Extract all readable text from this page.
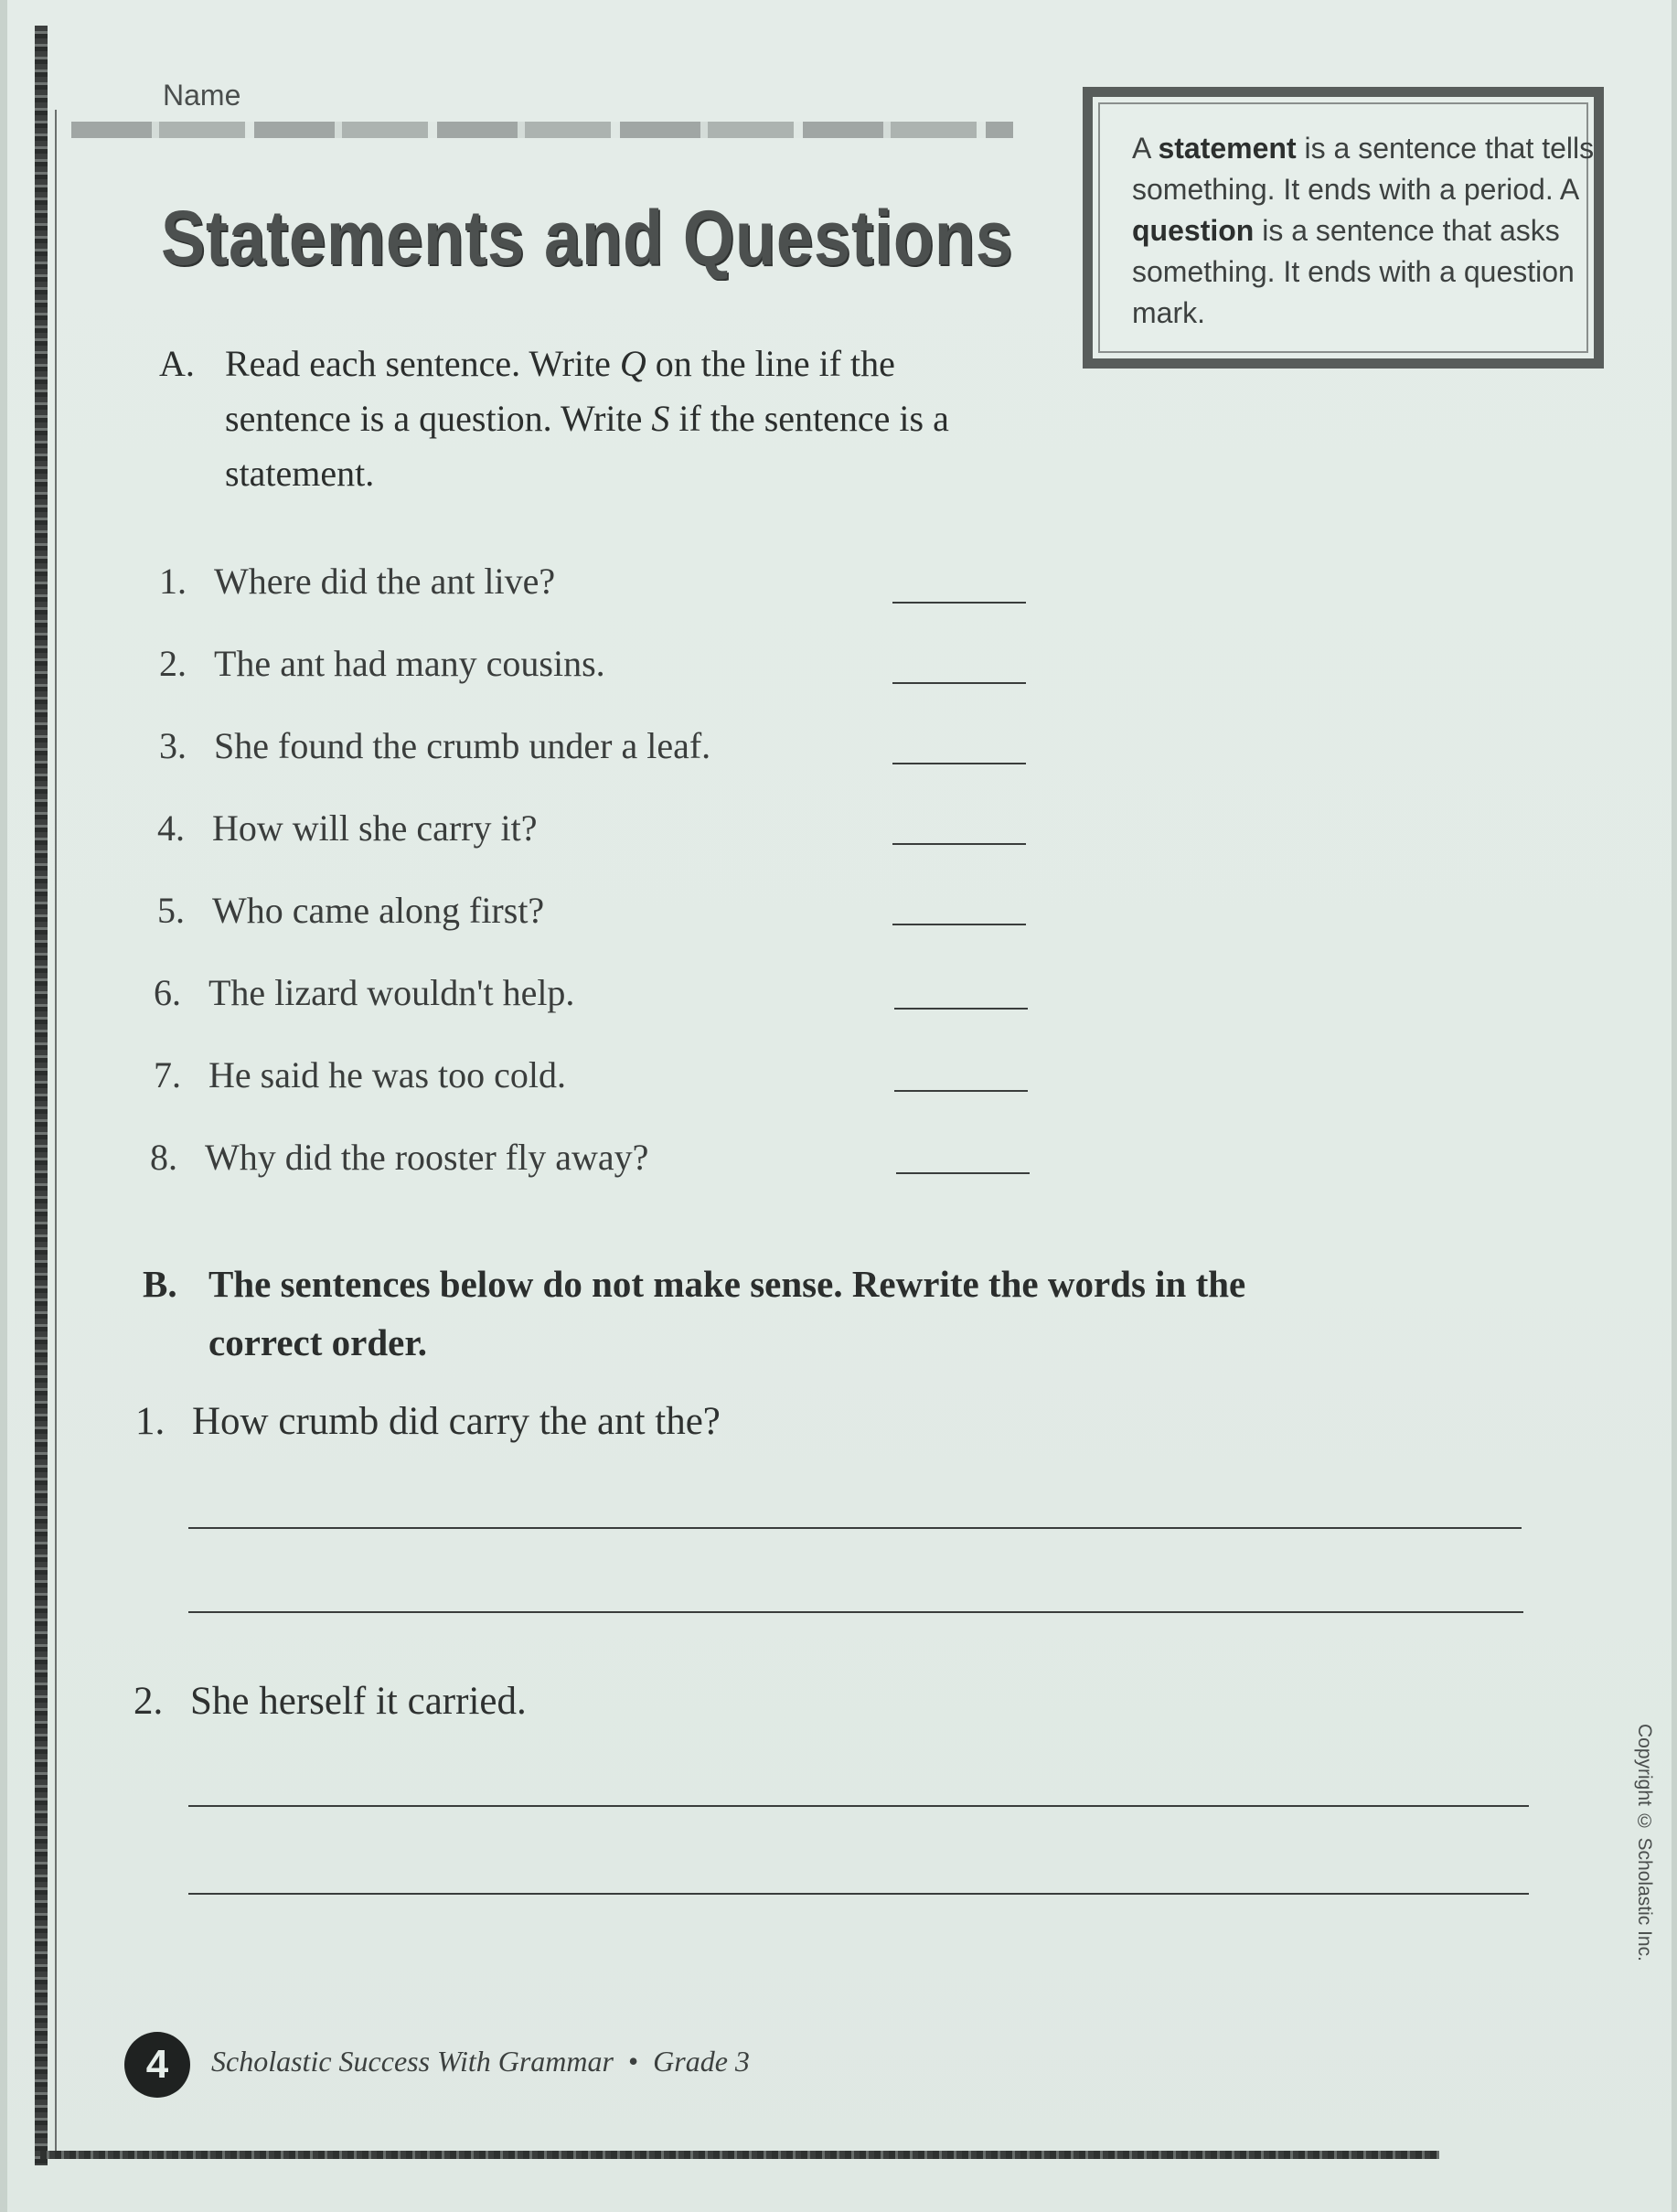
Name
Statements and Questions
A statement is a sentence that tells something. It ends with a period. A question is a sentence that asks something. It ends with a question mark.
A. Read each sentence. Write Q on the line if the sentence is a question. Write S if the sentence is a statement.
1. Where did the ant live?
2. The ant had many cousins.
3. She found the crumb under a leaf.
4. How will she carry it?
5. Who came along first?
6. The lizard wouldn't help.
7. He said he was too cold.
8. Why did the rooster fly away?
B. The sentences below do not make sense. Rewrite the words in the correct order.
1. How crumb did carry the ant the?
2. She herself it carried.
Copyright © Scholastic Inc.
4	Scholastic Success With Grammar • Grade 3
